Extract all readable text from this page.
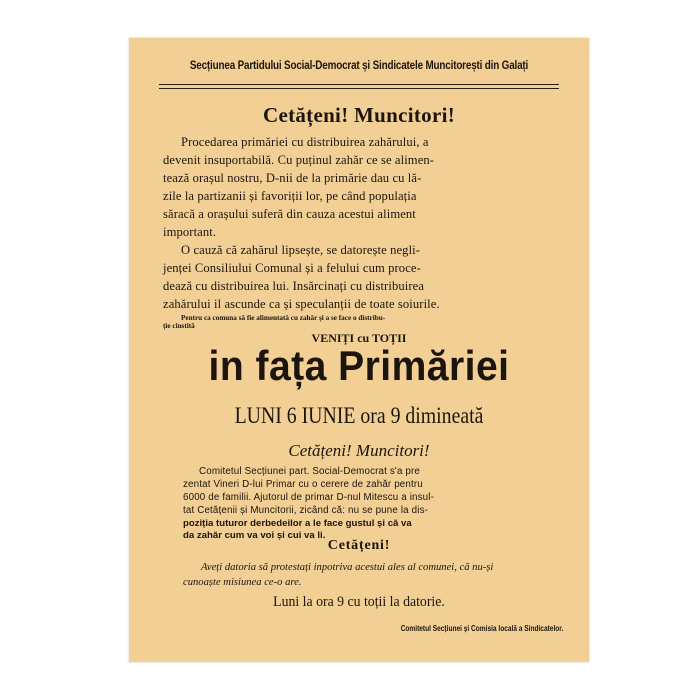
Secțiunea Partidului Social-Democrat și Sindicatele Muncitorești din Galați
Cetățeni! Muncitori!
Procedarea primăriei cu distribuirea zahărului, a
devenit insuportabilă. Cu puținul zahăr ce se alimen-
tează orașul nostru, D-nii de la primărie dau cu lă-
zile la partizanii și favoriții lor, pe când populația
săracă a orașului suferă din cauza acestui aliment
important.
O cauză că zahărul lipsește, se datorește negli-
jenței Consiliului Comunal și a felului cum proce-
dează cu distribuirea lui. Insărcinați cu distribuirea
zahărului il ascunde ca și speculanții de toate soiurile.
Pentru ca comuna să fie alimentată cu zahăr și a se face o distribu-
ție cinstită
VENIȚI cu TOȚII
in fața Primăriei
LUNI 6 IUNIE ora 9 dimineată
Cetățeni! Muncitori!
Comitetul Secțiunei part. Social-Democrat s'a pre
zentat Vineri D-lui Primar cu o cerere de zahăr pentru
6000 de familii. Ajutorul de primar D-nul Mitescu a insul-
tat Cetățenii și Muncitorii, zicând că: nu se pune la dis-
poziția tuturor derbedeilor a le face gustul și că va
da zahăr cum va voi și cui va li.
Cetățeni!
Aveți datoria să protestați inpotriva acestui ales al comunei, că nu-și
cunoaște misiunea ce-o are.
Luni la ora 9 cu toții la datorie.
Comitetul Secțiunei și Comisia locală a Sindicatelor.
